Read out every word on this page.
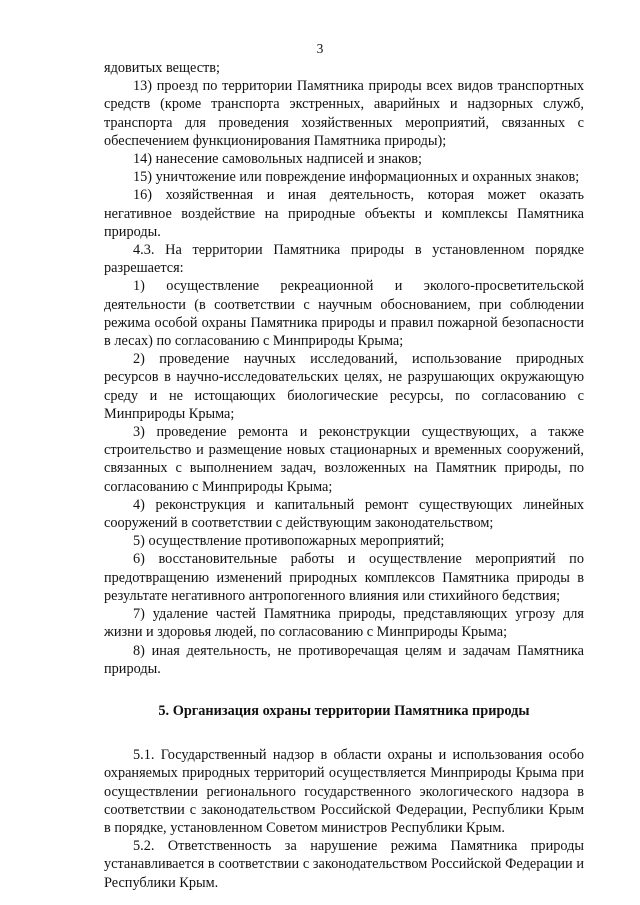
3

ядовитых веществ;

13) проезд по территории Памятника природы всех видов транспортных средств (кроме транспорта экстренных, аварийных и надзорных служб, транспорта для проведения хозяйственных мероприятий, связанных с обеспечением функционирования Памятника природы);

14) нанесение самовольных надписей и знаков;

15) уничтожение или повреждение информационных и охранных знаков;

16) хозяйственная и иная деятельность, которая может оказать негативное воздействие на природные объекты и комплексы Памятника природы.

4.3. На территории Памятника природы в установленном порядке разрешается:

1) осуществление рекреационной и эколого-просветительской деятельности (в соответствии с научным обоснованием, при соблюдении режима особой охраны Памятника природы и правил пожарной безопасности в лесах) по согласованию с Минприроды Крыма;

2) проведение научных исследований, использование природных ресурсов в научно-исследовательских целях, не разрушающих окружающую среду и не истощающих биологические ресурсы, по согласованию с Минприроды Крыма;

3) проведение ремонта и реконструкции существующих, а также строительство и размещение новых стационарных и временных сооружений, связанных с выполнением задач, возложенных на Памятник природы, по согласованию с Минприроды Крыма;

4) реконструкция и капитальный ремонт существующих линейных сооружений в соответствии с действующим законодательством;

5) осуществление противопожарных мероприятий;

6) восстановительные работы и осуществление мероприятий по предотвращению изменений природных комплексов Памятника природы в результате негативного антропогенного влияния или стихийного бедствия;

7) удаление частей Памятника природы, представляющих угрозу для жизни и здоровья людей, по согласованию с Минприроды Крыма;

8) иная деятельность, не противоречащая целям и задачам Памятника природы.

5. Организация охраны территории Памятника природы

5.1. Государственный надзор в области охраны и использования особо охраняемых природных территорий осуществляется Минприроды Крыма при осуществлении регионального государственного экологического надзора в соответствии с законодательством Российской Федерации, Республики Крым в порядке, установленном Советом министров Республики Крым.

5.2. Ответственность за нарушение режима Памятника природы устанавливается в соответствии с законодательством Российской Федерации и Республики Крым.
